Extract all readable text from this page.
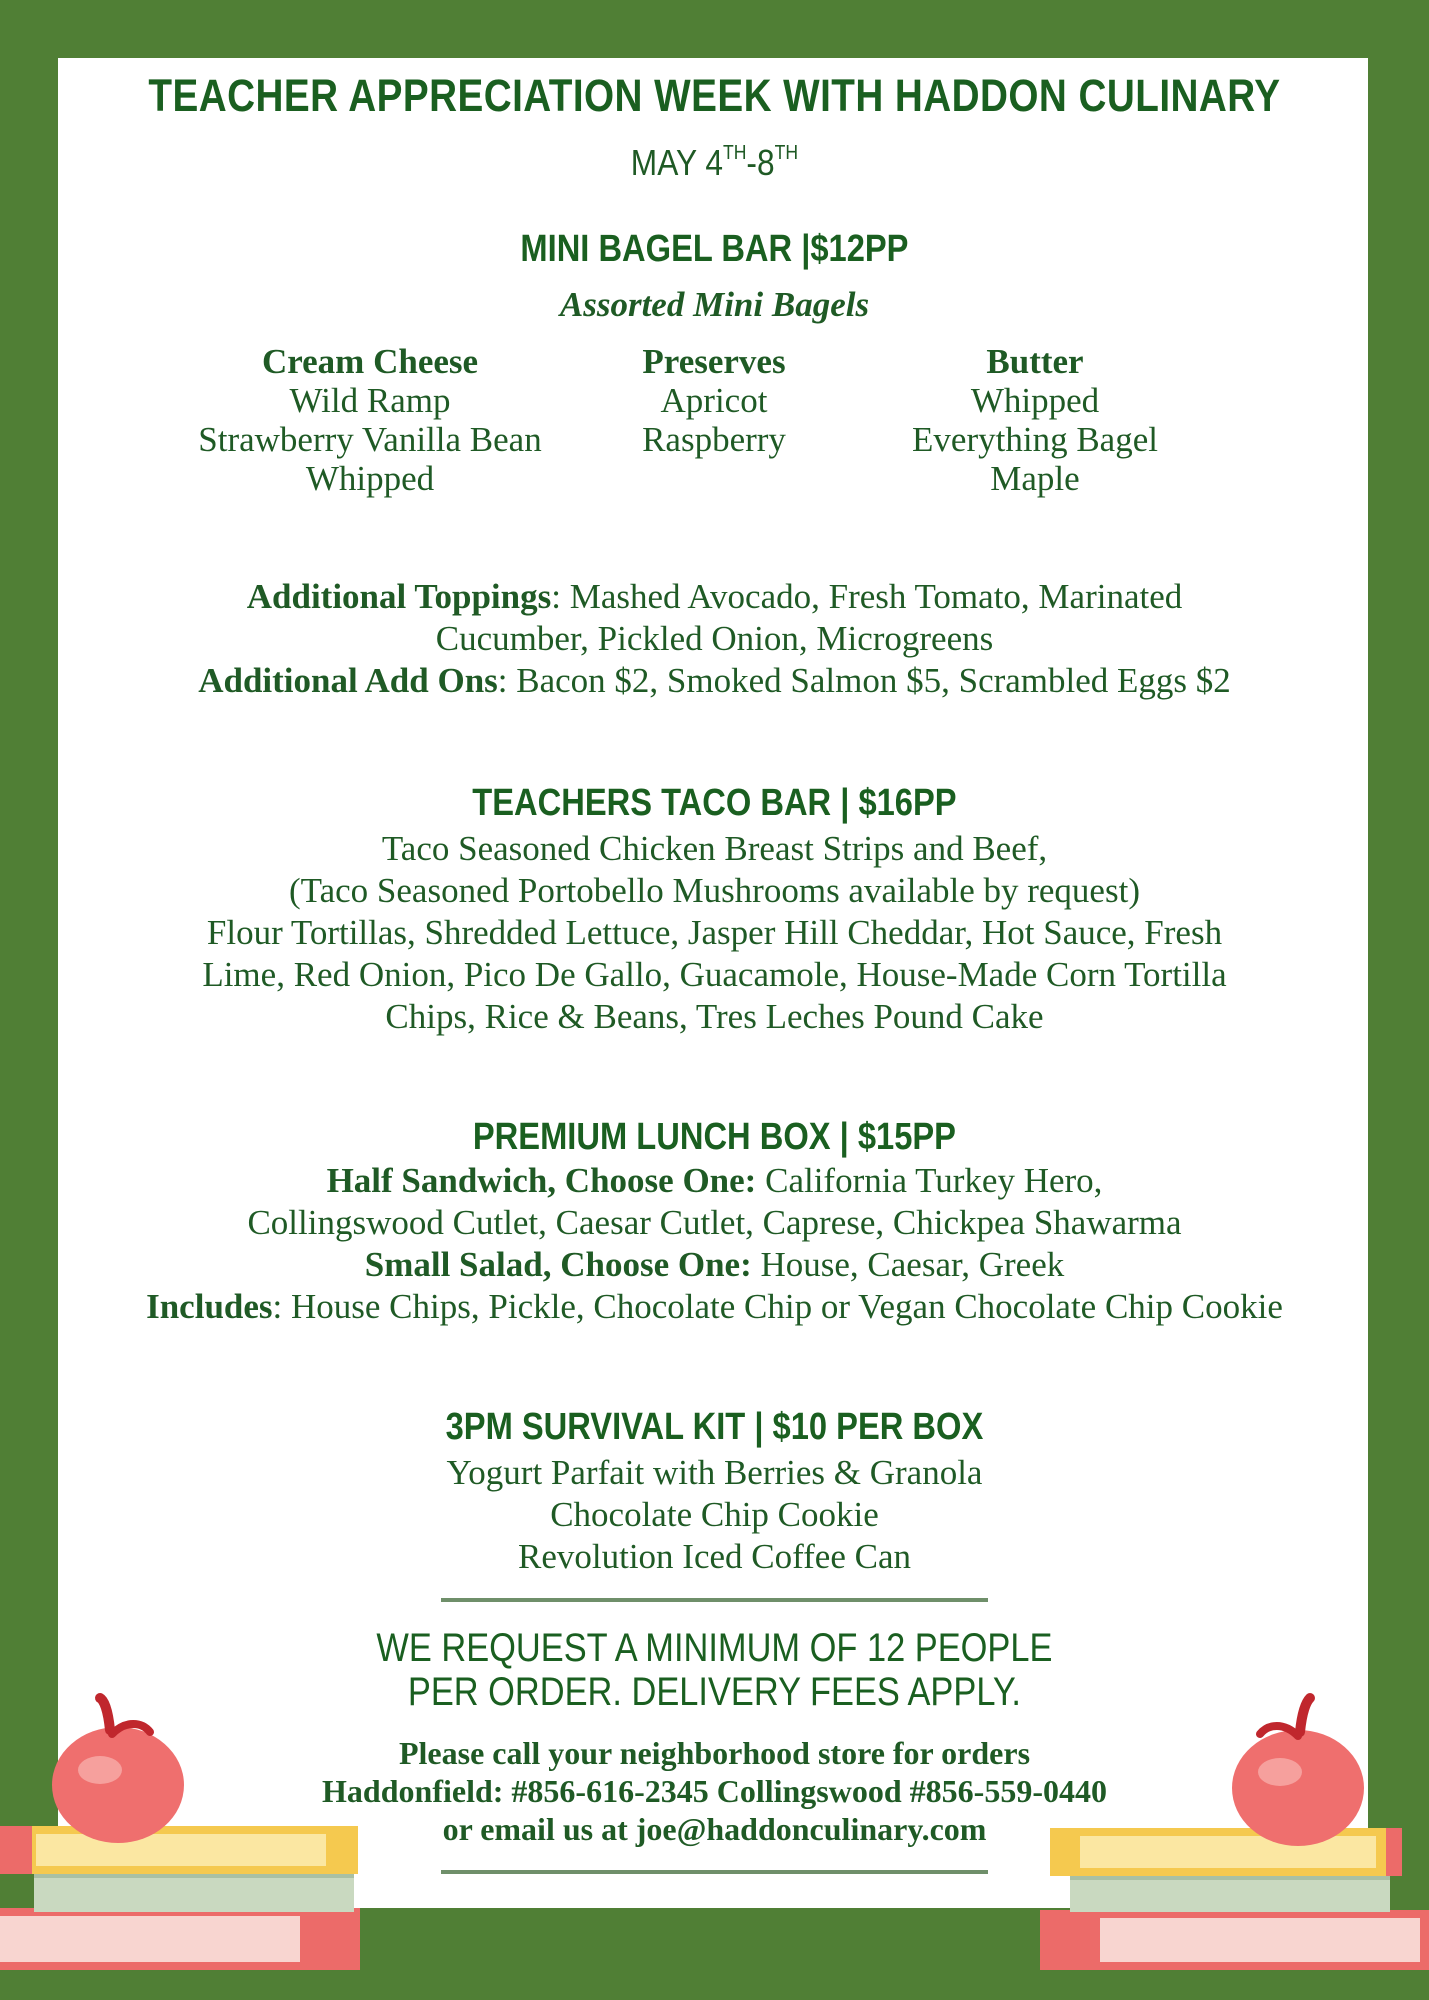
TEACHER APPRECIATION WEEK WITH HADDON CULINARY
MAY 4TH-8TH
MINI BAGEL BAR |$12PP
Assorted Mini Bagels
Cream Cheese
Wild Ramp
Strawberry Vanilla Bean
Whipped
Preserves
Apricot
Raspberry
Butter
Whipped
Everything Bagel
Maple
Additional Toppings: Mashed Avocado, Fresh Tomato, Marinated
Cucumber, Pickled Onion, Microgreens
Additional Add Ons: Bacon $2, Smoked Salmon $5, Scrambled Eggs $2
TEACHERS TACO BAR | $16PP
Taco Seasoned Chicken Breast Strips and Beef,
(Taco Seasoned Portobello Mushrooms available by request)
Flour Tortillas, Shredded Lettuce, Jasper Hill Cheddar, Hot Sauce, Fresh
Lime, Red Onion, Pico De Gallo, Guacamole, House-Made Corn Tortilla
Chips, Rice & Beans, Tres Leches Pound Cake
PREMIUM LUNCH BOX | $15PP
Half Sandwich, Choose One: California Turkey Hero,
Collingswood Cutlet, Caesar Cutlet, Caprese, Chickpea Shawarma
Small Salad, Choose One: House, Caesar, Greek
Includes: House Chips, Pickle, Chocolate Chip or Vegan Chocolate Chip Cookie
3PM SURVIVAL KIT | $10 PER BOX
Yogurt Parfait with Berries & Granola
Chocolate Chip Cookie
Revolution Iced Coffee Can
WE REQUEST A MINIMUM OF 12 PEOPLE
PER ORDER. DELIVERY FEES APPLY.
Please call your neighborhood store for orders
Haddonfield: #856-616-2345 Collingswood #856-559-0440
or email us at joe@haddonculinary.com
